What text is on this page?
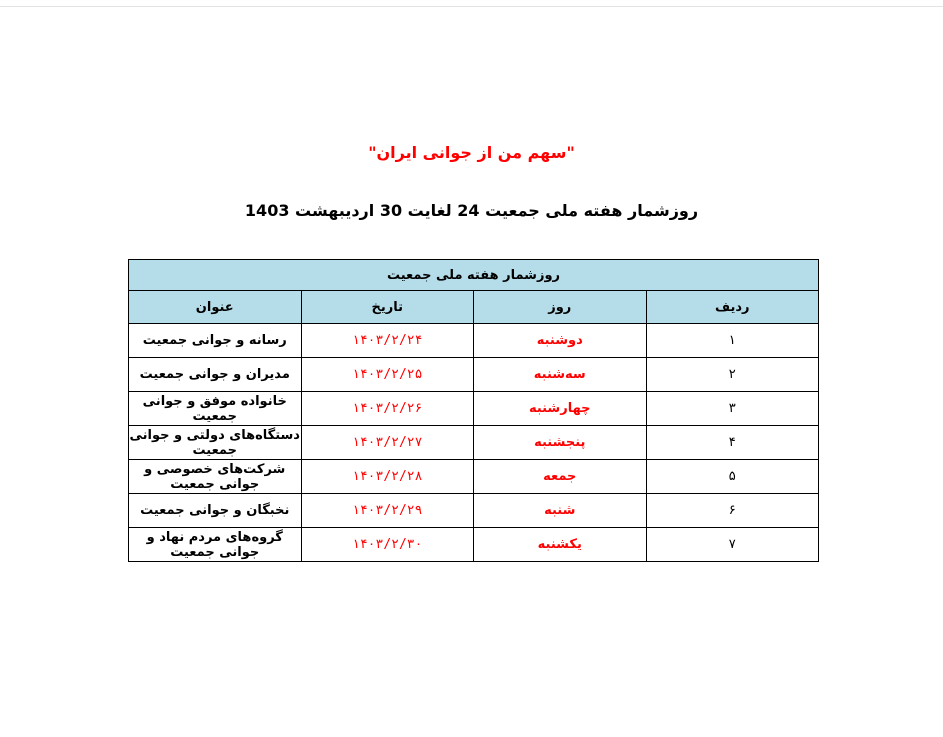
"سهم من از جوانی ایران"
روزشمار هفته ملی جمعیت 24 لغایت 30 اردیبهشت 1403
روزشمار هفته ملی جمعیت			
ردیف	روز	تاریخ	عنوان
۱	دوشنبه	۱۴۰۳/۲/۲۴	رسانه و جوانی جمعیت
۲	سه‌شنبه	۱۴۰۳/۲/۲۵	مدیران و جوانی جمعیت
۳	چهارشنبه	۱۴۰۳/۲/۲۶	خانواده موفق و جوانی جمعیت
۴	پنجشنبه	۱۴۰۳/۲/۲۷	دستگاه‌های دولتی و جوانی جمعیت
۵	جمعه	۱۴۰۳/۲/۲۸	شرکت‌های خصوصی و جوانی جمعیت
۶	شنبه	۱۴۰۳/۲/۲۹	نخبگان و جوانی جمعیت
۷	یکشنبه	۱۴۰۳/۲/۳۰	گروه‌های مردم نهاد و جوانی جمعیت
